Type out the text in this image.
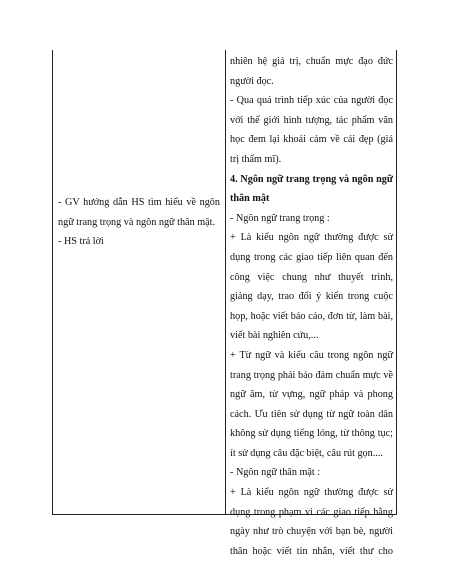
- GV hướng dẫn HS tìm hiểu về ngôn
ngữ trang trọng và ngôn ngữ thân mật.
- HS trả lời
nhiên hệ giá trị, chuẩn mực đạo đức
người đọc.
- Qua quá trình tiếp xúc của người đọc
với thế giới hình tượng, tác phẩm văn
học đem lại khoái cảm về cái đẹp (giá
trị thẩm mĩ).
4. Ngôn ngữ trang trọng và ngôn ngữ
thân mật
- Ngôn ngữ trang trọng :
+ Là kiểu ngôn ngữ thường được sử
dụng trong các giao tiếp liên quan đến
công việc chung như thuyết trình,
giảng dạy, trao đổi ý kiến trong cuộc
họp, hoặc viết báo cáo, đơn từ, làm bài,
viết bài nghiên cứu,...
+ Từ ngữ và kiểu câu trong ngôn ngữ
trang trọng phải bảo đảm chuẩn mực về
ngữ âm, từ vựng, ngữ pháp và phong
cách. Ưu tiên sử dụng từ ngữ toàn dân
không sử dụng tiếng lóng, từ thông tục;
ít sử dụng câu đặc biệt, câu rút gọn....
- Ngôn ngữ thân mật :
+ Là kiểu ngôn ngữ thường được sử
dụng trong phạm vi các giao tiếp hằng
ngày như trò chuyện với bạn bè, người
thân hoặc viết tin nhắn, viết thư cho
